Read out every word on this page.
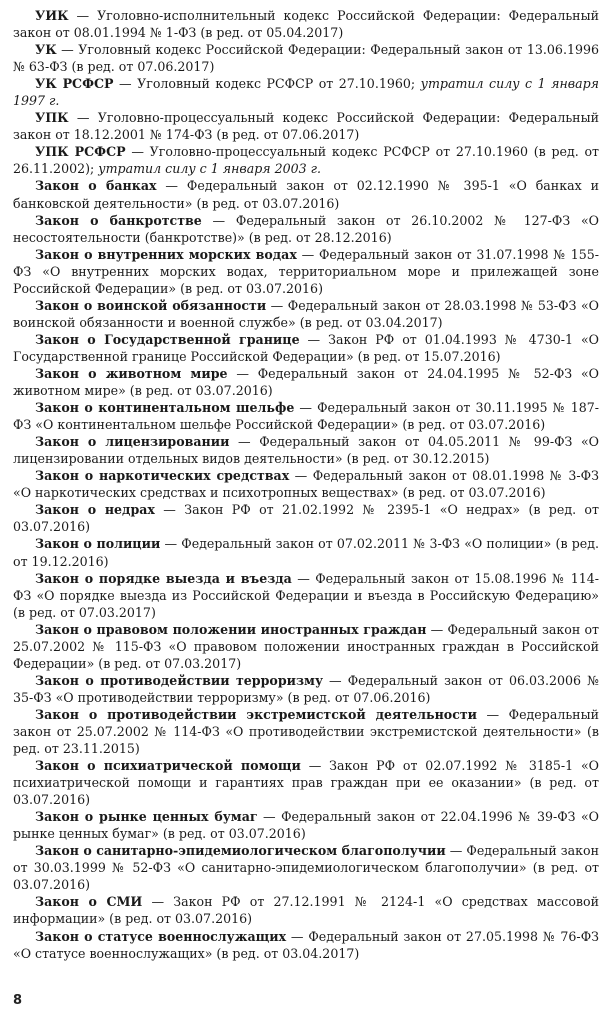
УИК — Уголовно-исполнительный кодекс Российской Федерации: Федеральный закон от 08.01.1994 № 1-ФЗ (в ред. от 05.04.2017)

УК — Уголовный кодекс Российской Федерации: Федеральный закон от 13.06.1996 № 63-ФЗ (в ред. от 07.06.2017)

УК РСФСР — Уголовный кодекс РСФСР от 27.10.1960; утратил силу с 1 января 1997 г.

УПК — Уголовно-процессуальный кодекс Российской Федерации: Федеральный закон от 18.12.2001 № 174-ФЗ (в ред. от 07.06.2017)

УПК РСФСР — Уголовно-процессуальный кодекс РСФСР от 27.10.1960 (в ред. от 26.11.2002); утратил силу с 1 января 2003 г.

Закон о банках — Федеральный закон от 02.12.1990 № 395-1 «О банках и банковской деятельности» (в ред. от 03.07.2016)

Закон о банкротстве — Федеральный закон от 26.10.2002 № 127-ФЗ «О несостоятельности (банкротстве)» (в ред. от 28.12.2016)

Закон о внутренних морских водах — Федеральный закон от 31.07.1998 № 155-ФЗ «О внутренних морских водах, территориальном море и прилежащей зоне Российской Федерации» (в ред. от 03.07.2016)

Закон о воинской обязанности — Федеральный закон от 28.03.1998 № 53-ФЗ «О воинской обязанности и военной службе» (в ред. от 03.04.2017)

Закон о Государственной границе — Закон РФ от 01.04.1993 № 4730-1 «О Государственной границе Российской Федерации» (в ред. от 15.07.2016)

Закон о животном мире — Федеральный закон от 24.04.1995 № 52-ФЗ «О животном мире» (в ред. от 03.07.2016)

Закон о континентальном шельфе — Федеральный закон от 30.11.1995 № 187-ФЗ «О континентальном шельфе Российской Федерации» (в ред. от 03.07.2016)

Закон о лицензировании — Федеральный закон от 04.05.2011 № 99-ФЗ «О лицензировании отдельных видов деятельности» (в ред. от 30.12.2015)

Закон о наркотических средствах — Федеральный закон от 08.01.1998 № 3-ФЗ «О наркотических средствах и психотропных веществах» (в ред. от 03.07.2016)

Закон о недрах — Закон РФ от 21.02.1992 № 2395-1 «О недрах» (в ред. от 03.07.2016)

Закон о полиции — Федеральный закон от 07.02.2011 № 3-ФЗ «О полиции» (в ред. от 19.12.2016)

Закон о порядке выезда и въезда — Федеральный закон от 15.08.1996 № 114-ФЗ «О порядке выезда из Российской Федерации и въезда в Российскую Федерацию» (в ред. от 07.03.2017)

Закон о правовом положении иностранных граждан — Федеральный закон от 25.07.2002 № 115-ФЗ «О правовом положении иностранных граждан в Российской Федерации» (в ред. от 07.03.2017)

Закон о противодействии терроризму — Федеральный закон от 06.03.2006 № 35-ФЗ «О противодействии терроризму» (в ред. от 07.06.2016)

Закон о противодействии экстремистской деятельности — Федеральный закон от 25.07.2002 № 114-ФЗ «О противодействии экстремистской деятельности» (в ред. от 23.11.2015)

Закон о психиатрической помощи — Закон РФ от 02.07.1992 № 3185-1 «О психиатрической помощи и гарантиях прав граждан при ее оказании» (в ред. от 03.07.2016)

Закон о рынке ценных бумаг — Федеральный закон от 22.04.1996 № 39-ФЗ «О рынке ценных бумаг» (в ред. от 03.07.2016)

Закон о санитарно-эпидемиологическом благополучии — Федеральный закон от 30.03.1999 № 52-ФЗ «О санитарно-эпидемиологическом благополучии» (в ред. от 03.07.2016)

Закон о СМИ — Закон РФ от 27.12.1991 № 2124-1 «О средствах массовой информации» (в ред. от 03.07.2016)

Закон о статусе военнослужащих — Федеральный закон от 27.05.1998 № 76-ФЗ «О статусе военнослужащих» (в ред. от 03.04.2017)

8
